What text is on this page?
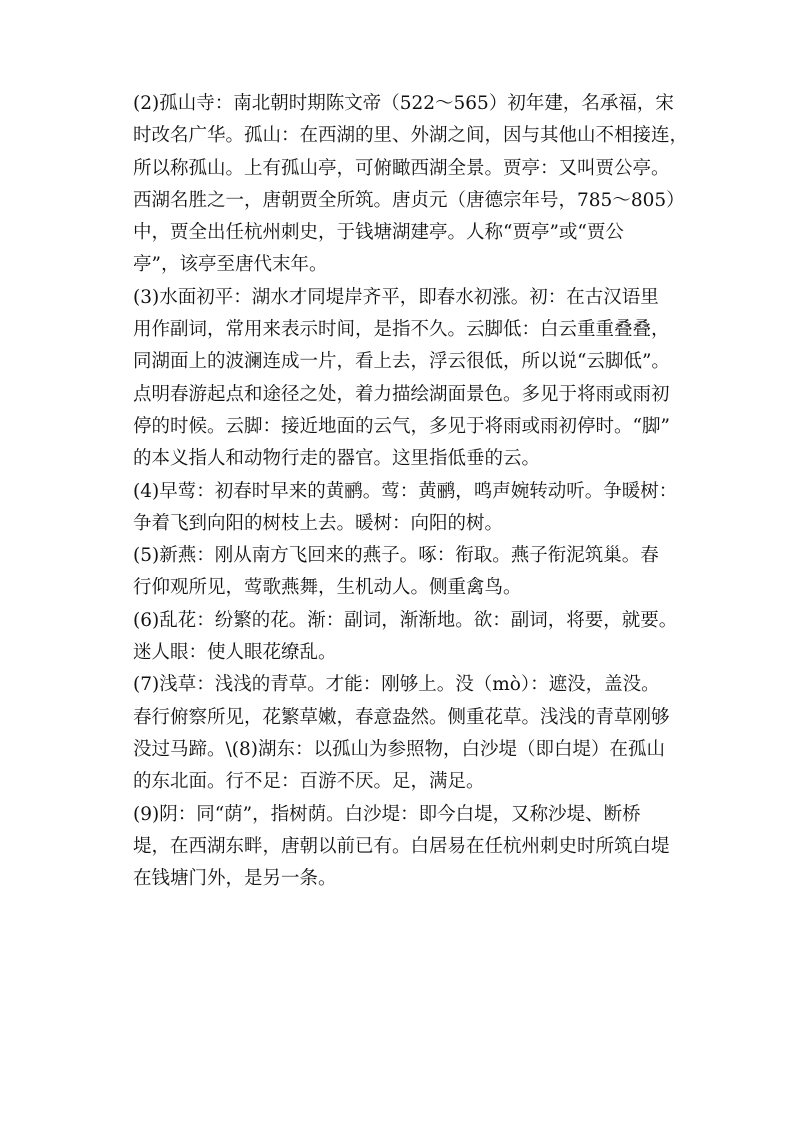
(2)孤山寺：南北朝时期陈文帝（522～565）初年建，名承福，宋
时改名广华。孤山：在西湖的里、外湖之间，因与其他山不相接连，
所以称孤山。上有孤山亭，可俯瞰西湖全景。贾亭：又叫贾公亭。
西湖名胜之一，唐朝贾全所筑。唐贞元（唐德宗年号，785～805）
中，贾全出任杭州刺史，于钱塘湖建亭。人称“贾亭”或“贾公
亭”，该亭至唐代末年。
(3)水面初平：湖水才同堤岸齐平，即春水初涨。初：在古汉语里
用作副词，常用来表示时间，是指不久。云脚低：白云重重叠叠，
同湖面上的波澜连成一片，看上去，浮云很低，所以说“云脚低”。
点明春游起点和途径之处，着力描绘湖面景色。多见于将雨或雨初
停的时候。云脚：接近地面的云气，多见于将雨或雨初停时。“脚”
的本义指人和动物行走的器官。这里指低垂的云。
(4)早莺：初春时早来的黄鹂。莺：黄鹂，鸣声婉转动听。争暖树：
争着飞到向阳的树枝上去。暖树：向阳的树。
(5)新燕：刚从南方飞回来的燕子。啄：衔取。燕子衔泥筑巢。春
行仰观所见，莺歌燕舞，生机动人。侧重禽鸟。
(6)乱花：纷繁的花。渐：副词，渐渐地。欲：副词，将要，就要。
迷人眼：使人眼花缭乱。
(7)浅草：浅浅的青草。才能：刚够上。没（mò）：遮没，盖没。
春行俯察所见，花繁草嫩，春意盎然。侧重花草。浅浅的青草刚够
没过马蹄。\(8)湖东：以孤山为参照物，白沙堤（即白堤）在孤山
的东北面。行不足：百游不厌。足，满足。
(9)阴：同“荫”，指树荫。白沙堤：即今白堤，又称沙堤、断桥
堤，在西湖东畔，唐朝以前已有。白居易在任杭州刺史时所筑白堤
在钱塘门外，是另一条。
